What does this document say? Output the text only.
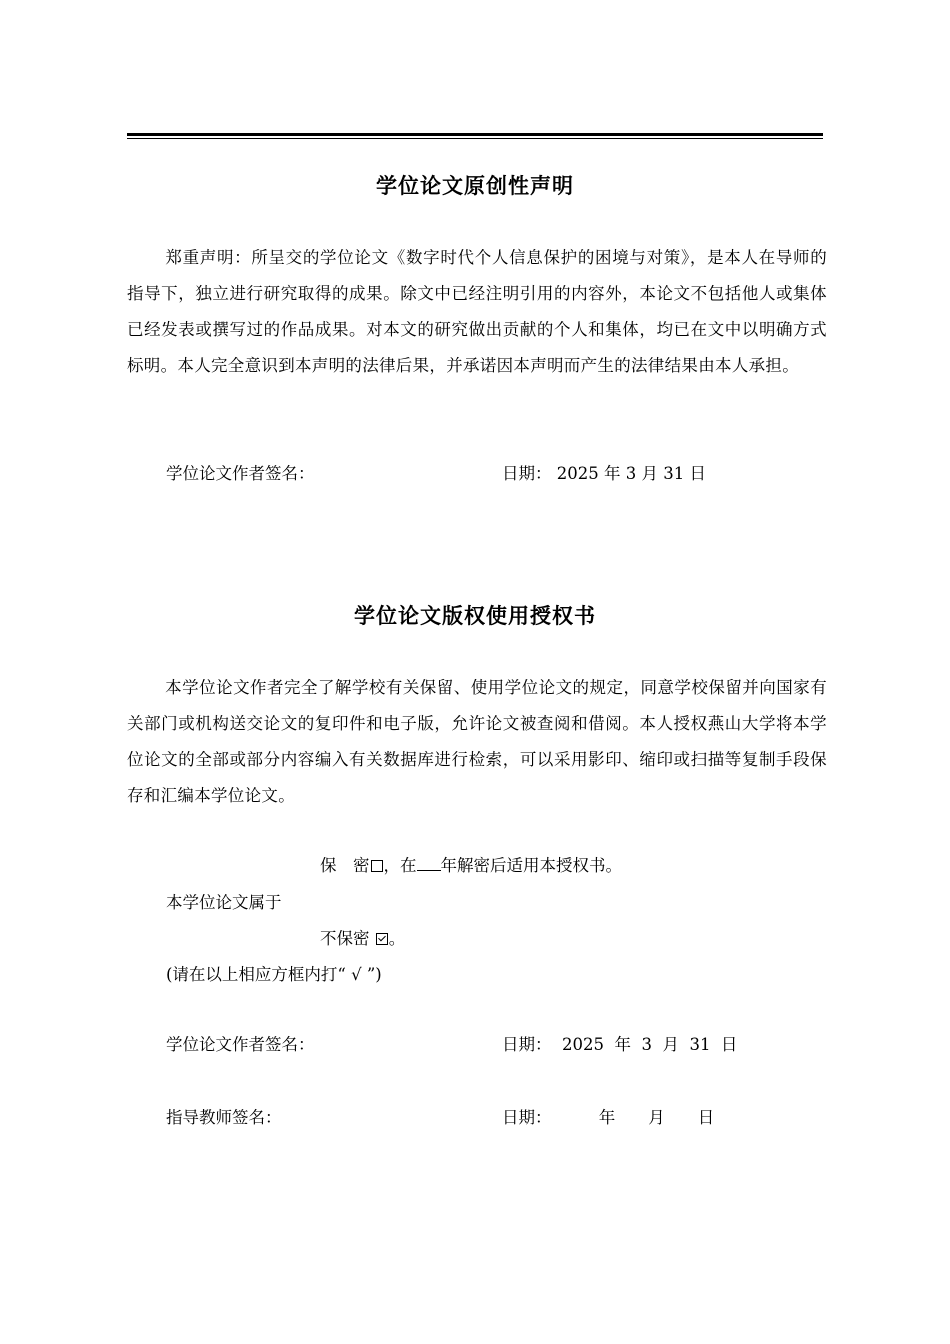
学位论文原创性声明
郑重声明：所呈交的学位论文《数字时代个人信息保护的困境与对策》，是本人在导师的指导下，独立进行研究取得的成果。除文中已经注明引用的内容外，本论文不包括他人或集体已经发表或撰写过的作品成果。对本文的研究做出贡献的个人和集体，均已在文中以明确方式标明。本人完全意识到本声明的法律后果，并承诺因本声明而产生的法律结果由本人承担。
学位论文作者签名：	日期： 2025 年 3 月 31 日
学位论文版权使用授权书
本学位论文作者完全了解学校有关保留、使用学位论文的规定，同意学校保留并向国家有关部门或机构送交论文的复印件和电子版，允许论文被查阅和借阅。本人授权燕山大学将本学位论文的全部或部分内容编入有关数据库进行检索，可以采用影印、缩印或扫描等复制手段保存和汇编本学位论文。
保　密 ，在 年解密后适用本授权书。
本学位论文属于
不保密 。
(请在以上相应方框内打“ √ ”)
学位论文作者签名：	日期： 2025  年  3  月  31  日
指导教师签名：	日期：	年　　月　　日
